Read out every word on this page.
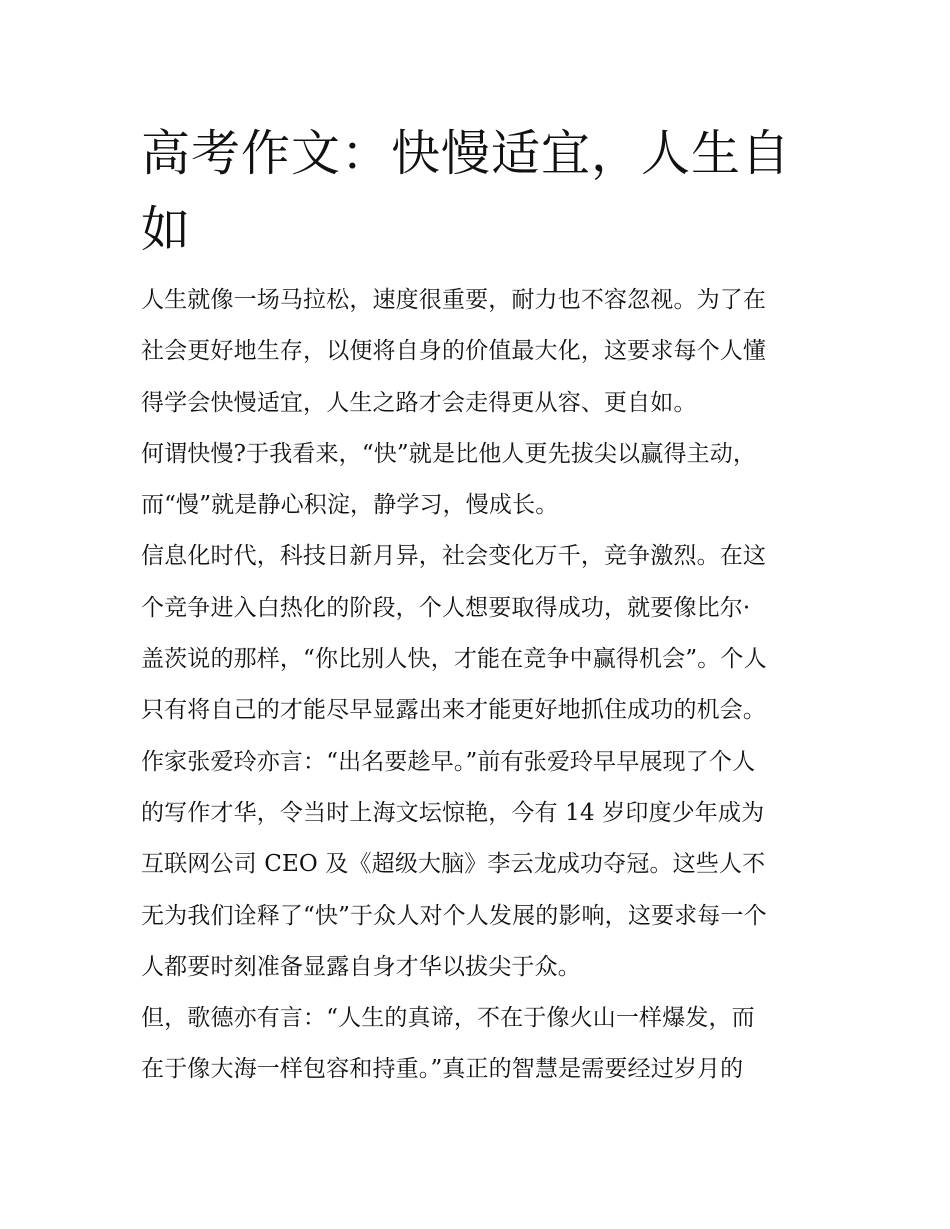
高考作文：快慢适宜，人生自如
人生就像一场马拉松，速度很重要，耐力也不容忽视。为了在
社会更好地生存，以便将自身的价值最大化，这要求每个人懂
得学会快慢适宜，人生之路才会走得更从容、更自如。
何谓快慢?于我看来，“快”就是比他人更先拔尖以赢得主动，
而“慢”就是静心积淀，静学习，慢成长。
信息化时代，科技日新月异，社会变化万千，竞争激烈。在这
个竞争进入白热化的阶段，个人想要取得成功，就要像比尔·
盖茨说的那样，“你比别人快，才能在竞争中赢得机会”。个人
只有将自己的才能尽早显露出来才能更好地抓住成功的机会。
作家张爱玲亦言：“出名要趁早。”前有张爱玲早早展现了个人
的写作才华，令当时上海文坛惊艳，今有 14 岁印度少年成为
互联网公司 CEO 及《超级大脑》李云龙成功夺冠。这些人不
无为我们诠释了“快”于众人对个人发展的影响，这要求每一个
人都要时刻准备显露自身才华以拔尖于众。
但，歌德亦有言：“人生的真谛，不在于像火山一样爆发，而
在于像大海一样包容和持重。”真正的智慧是需要经过岁月的
